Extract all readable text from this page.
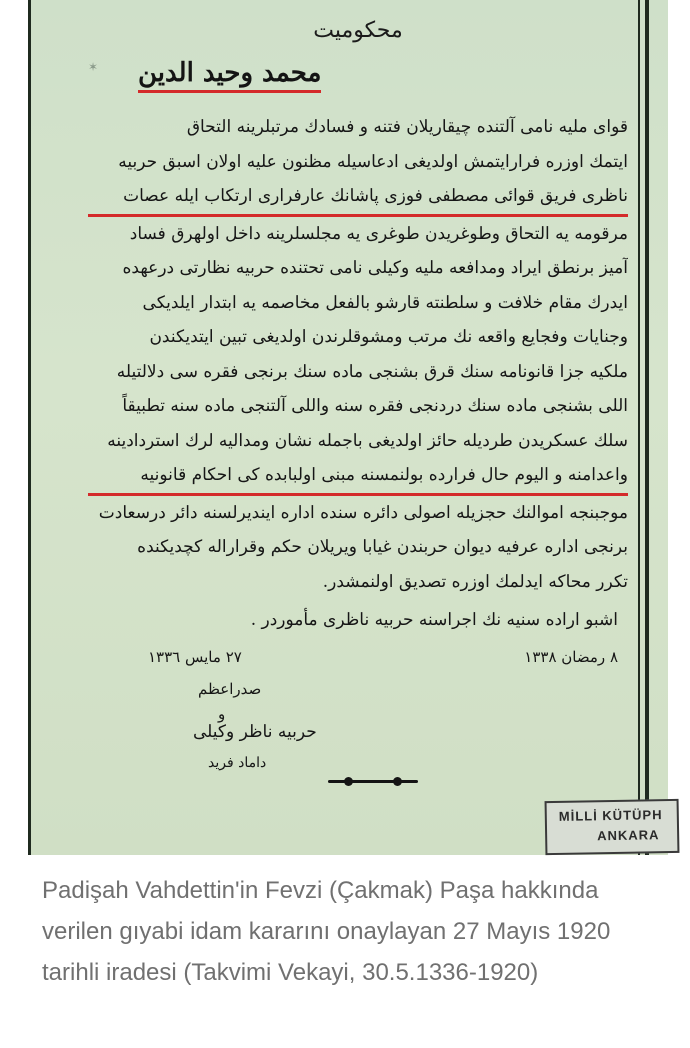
✶
محكوميت
محمد وحيد الدين
قوای مليه نامی آلتنده چيقاريلان فتنه و فسادك مرتبلرينه التحاق
ايتمك اوزره فرارايتمش اولديغی ادعاسيله مظنون عليه اولان اسبق حربيه
ناظری فريق قوائی مصطفی فوزی پاشانك عارفراری ارتكاب ايله عصات
مرقومه يه التحاق وطوغريدن طوغری يه مجلسلرينه داخل اولهرق فساد
آميز برنطق ايراد ومدافعه مليه وكيلی نامی تحتنده حربيه نظارتی درعهده
ايدرك مقام خلافت و سلطنته قارشو بالفعل مخاصمه يه ابتدار ايلديكی
وجنايات وفجايع واقعه نك مرتب ومشوقلرندن اولديغی تبين ايتديكندن
ملكيه جزا قانونامه سنك قرق بشنجی ماده سنك برنجی فقره سی دلالتيله
اللی بشنجی ماده سنك دردنجی فقره سنه واللی آلتنجی ماده سنه تطبيقاً
سلك عسكريدن طرديله حائز اولديغی باجمله نشان ومداليه لرك استردادينه
واعدامنه و اليوم حال فرارده بولنمسنه مبنی اولبابده كی احكام قانونيه
موجبنجه اموالنك حجزيله اصولی دائره سنده اداره اينديرلسنه دائر درسعادت
برنجی اداره عرفيه ديوان حربندن غيابا ويريلان حكم وقراراله كچديكنده
تكرر محاكه ايدلمك اوزره تصديق اولنمشدر.
اشبو اراده سنيه نك اجراسنه حربيه ناظری مأموردر .
٨ رمضان ١٣٣٨
٢٧ مايس ١٣٣٦
صدراعظم
و
حربيه ناظر وكيلی
داماد فريد
MİLLİ KÜTÜPH
ANKARA
Padişah Vahdettin'in Fevzi (Çakmak) Paşa hakkında verilen gıyabi idam kararını onaylayan 27 Mayıs 1920 tarihli iradesi (Takvimi Vekayi, 30.5.1336-1920)
